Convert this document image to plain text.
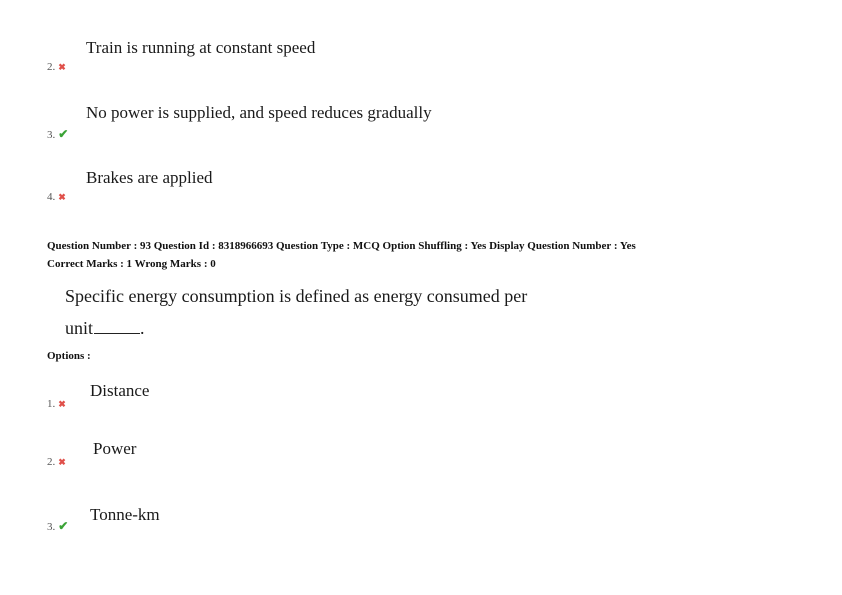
Train is running at constant speed
2. ✖
No power is supplied, and speed reduces gradually
3. ✔
Brakes are applied
4. ✖
Question Number : 93 Question Id : 8318966693 Question Type : MCQ Option Shuffling : Yes Display Question Number : Yes
Correct Marks : 1 Wrong Marks : 0
Specific energy consumption is defined as energy consumed per
unit	.
Options :
Distance
1. ✖
Power
2. ✖
Tonne-km
3. ✔
